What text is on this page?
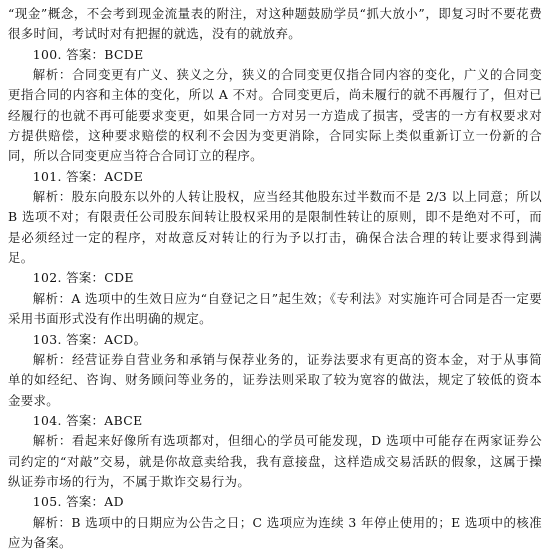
“现金”概念，不会考到现金流量表的附注，对这种题鼓励学员“抓大放小”，即复习时不要花费很多时间，考试时对有把握的就选，没有的就放弃。

100. 答案：BCDE

解析：合同变更有广义、狭义之分，狭义的合同变更仅指合同内容的变化，广义的合同变更指合同的内容和主体的变化，所以 A 不对。合同变更后，尚未履行的就不再履行了，但对已经履行的也就不再可能要求变更，如果合同一方对另一方造成了损害，受害的一方有权要求对方提供赔偿，这种要求赔偿的权利不会因为变更消除，合同实际上类似重新订立一份新的合同，所以合同变更应当符合合同订立的程序。

101. 答案：ACDE

解析：股东向股东以外的人转让股权，应当经其他股东过半数而不是 2/3 以上同意；所以 B 选项不对；有限责任公司股东间转让股权采用的是限制性转让的原则，即不是绝对不可，而是必须经过一定的程序，对故意反对转让的行为予以打击，确保合法合理的转让要求得到满足。

102. 答案：CDE

解析：A 选项中的生效日应为“自登记之日”起生效；《专利法》对实施许可合同是否一定要采用书面形式没有作出明确的规定。

103. 答案：ACD。

解析：经营证券自营业务和承销与保荐业务的，证券法要求有更高的资本金，对于从事简单的如经纪、咨询、财务顾问等业务的，证券法则采取了较为宽容的做法，规定了较低的资本金要求。

104. 答案：ABCE

解析：看起来好像所有选项都对，但细心的学员可能发现，D 选项中可能存在两家证券公司约定的“对敲”交易，就是你故意卖给我，我有意接盘，这样造成交易活跃的假象，这属于操纵证券市场的行为，不属于欺诈交易行为。

105. 答案：AD

解析：B 选项中的日期应为公告之日；C 选项应为连续 3 年停止使用的；E 选项中的核准应为备案。
